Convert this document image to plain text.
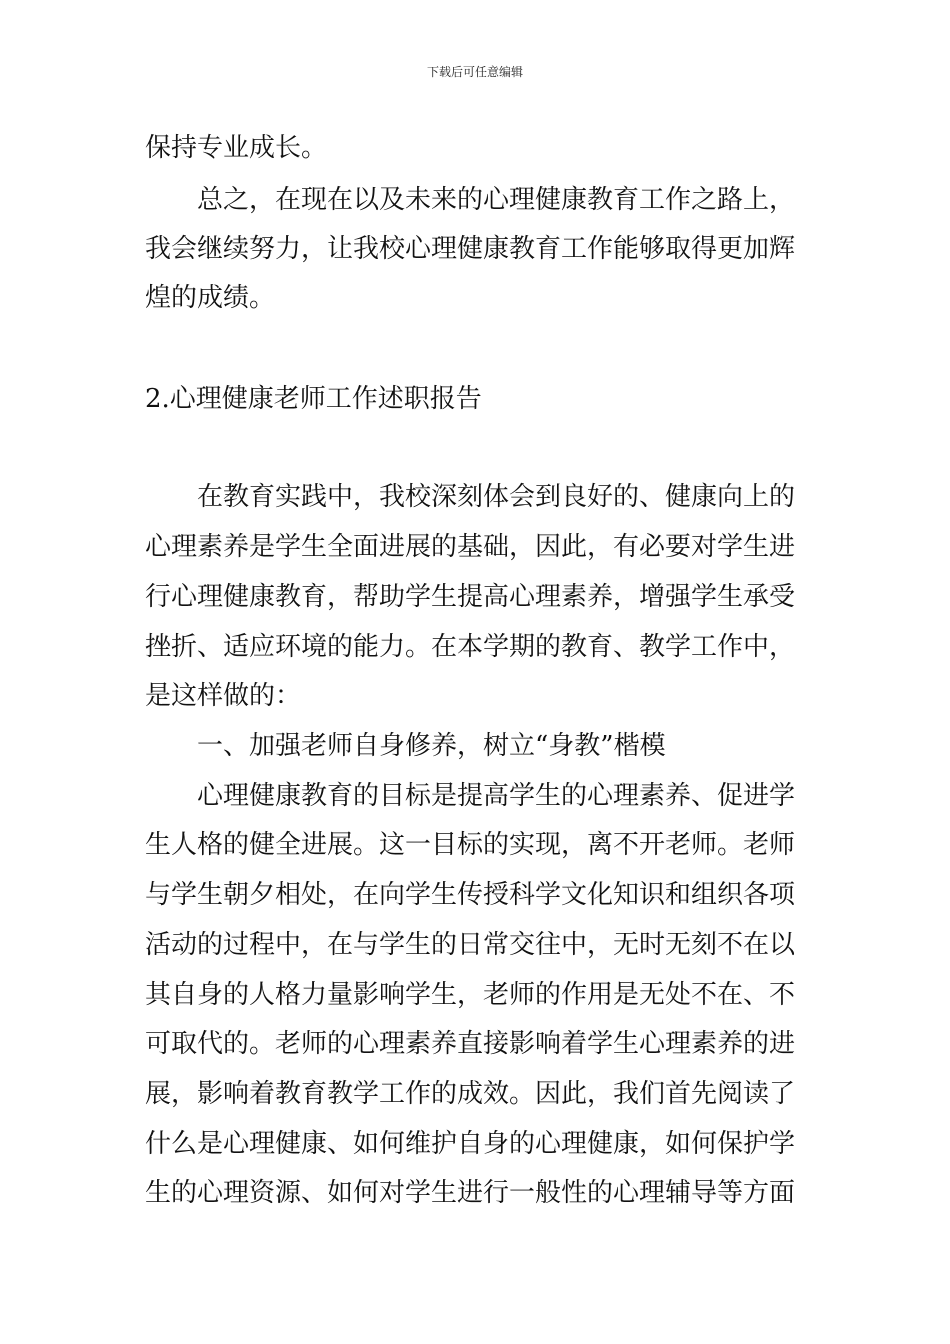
下载后可任意编辑
保持专业成长。
总之，在现在以及未来的心理健康教育工作之路上，
我会继续努力，让我校心理健康教育工作能够取得更加辉
煌的成绩。
2.心理健康老师工作述职报告
在教育实践中，我校深刻体会到良好的、健康向上的
心理素养是学生全面进展的基础，因此，有必要对学生进
行心理健康教育，帮助学生提高心理素养，增强学生承受
挫折、适应环境的能力。在本学期的教育、教学工作中，
是这样做的：
一、加强老师自身修养，树立“身教”楷模
心理健康教育的目标是提高学生的心理素养、促进学
生人格的健全进展。这一目标的实现，离不开老师。老师
与学生朝夕相处，在向学生传授科学文化知识和组织各项
活动的过程中，在与学生的日常交往中，无时无刻不在以
其自身的人格力量影响学生，老师的作用是无处不在、不
可取代的。老师的心理素养直接影响着学生心理素养的进
展，影响着教育教学工作的成效。因此，我们首先阅读了
什么是心理健康、如何维护自身的心理健康，如何保护学
生的心理资源、如何对学生进行一般性的心理辅导等方面
